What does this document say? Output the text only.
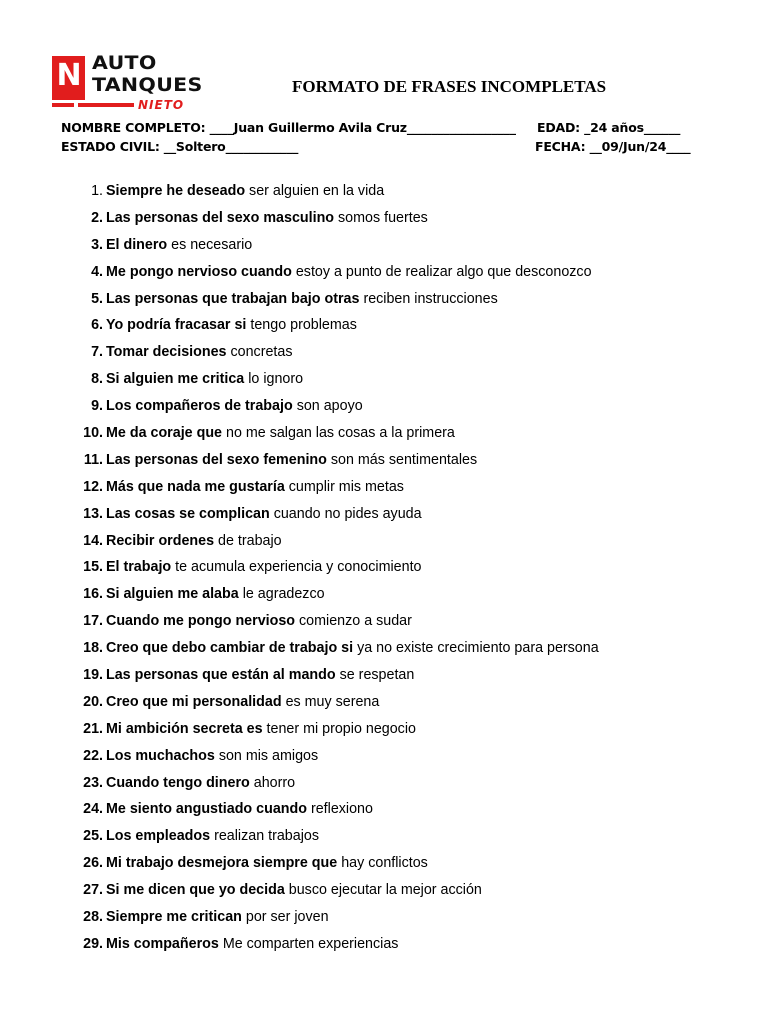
N AUTO
TANQUES
NIETO
FORMATO DE FRASES INCOMPLETAS
NOMBRE COMPLETO: ____Juan Guillermo Avila Cruz__________________ EDAD: _24 años______
ESTADO CIVIL: __Soltero____________	FECHA: __09/Jun/24____
1. Siempre he deseado ser alguien en la vida
2. Las personas del sexo masculino somos fuertes
3. El dinero es necesario
4. Me pongo nervioso cuando estoy a punto de realizar algo que desconozco
5. Las personas que trabajan bajo otras reciben instrucciones
6. Yo podría fracasar si tengo problemas
7. Tomar decisiones concretas
8. Si alguien me critica lo ignoro
9. Los compañeros de trabajo son apoyo
10. Me da coraje que no me salgan las cosas a la primera
11. Las personas del sexo femenino son más sentimentales
12. Más que nada me gustaría cumplir mis metas
13. Las cosas se complican cuando no pides ayuda
14. Recibir ordenes de trabajo
15. El trabajo te acumula experiencia y conocimiento
16. Si alguien me alaba le agradezco
17. Cuando me pongo nervioso comienzo a sudar
18. Creo que debo cambiar de trabajo si ya no existe crecimiento para persona
19. Las personas que están al mando se respetan
20. Creo que mi personalidad es muy serena
21. Mi ambición secreta es tener mi propio negocio
22. Los muchachos son mis amigos
23. Cuando tengo dinero ahorro
24. Me siento angustiado cuando reflexiono
25. Los empleados realizan trabajos
26. Mi trabajo desmejora siempre que hay conflictos
27. Si me dicen que yo decida busco ejecutar la mejor acción
28. Siempre me critican por ser joven
29. Mis compañeros Me comparten experiencias
